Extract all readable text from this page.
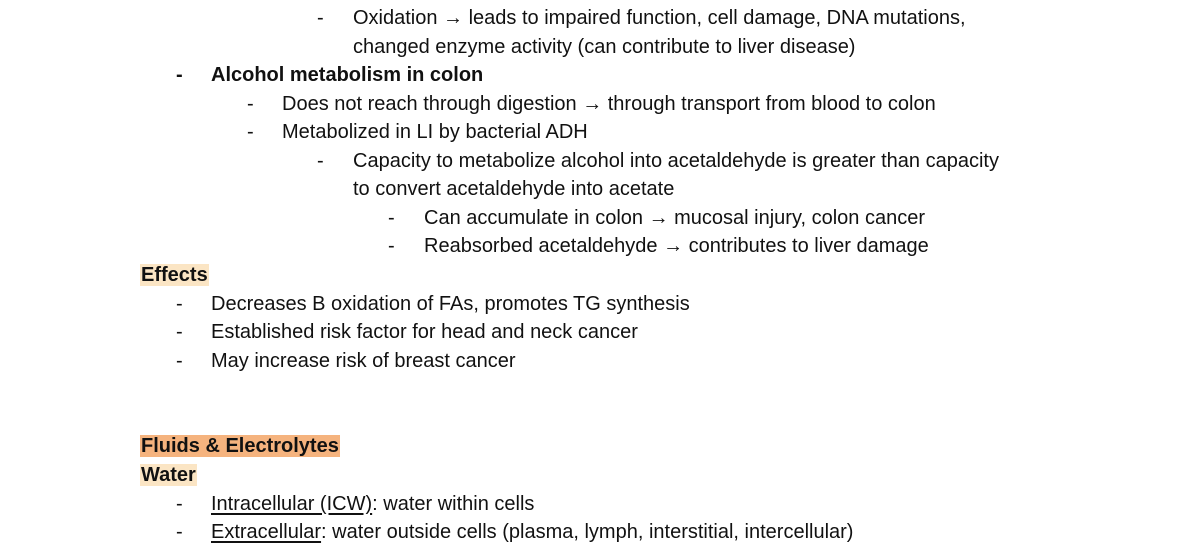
- Oxidation → leads to impaired function, cell damage, DNA mutations,
changed enzyme activity (can contribute to liver disease)
- Alcohol metabolism in colon
- Does not reach through digestion → through transport from blood to colon
- Metabolized in LI by bacterial ADH
- Capacity to metabolize alcohol into acetaldehyde is greater than capacity
to convert acetaldehyde into acetate
- Can accumulate in colon → mucosal injury, colon cancer
- Reabsorbed acetaldehyde → contributes to liver damage
Effects
- Decreases B oxidation of FAs, promotes TG synthesis
- Established risk factor for head and neck cancer
- May increase risk of breast cancer
Fluids & Electrolytes
Water
- Intracellular (ICW): water within cells
- Extracellular: water outside cells (plasma, lymph, interstitial, intercellular)
